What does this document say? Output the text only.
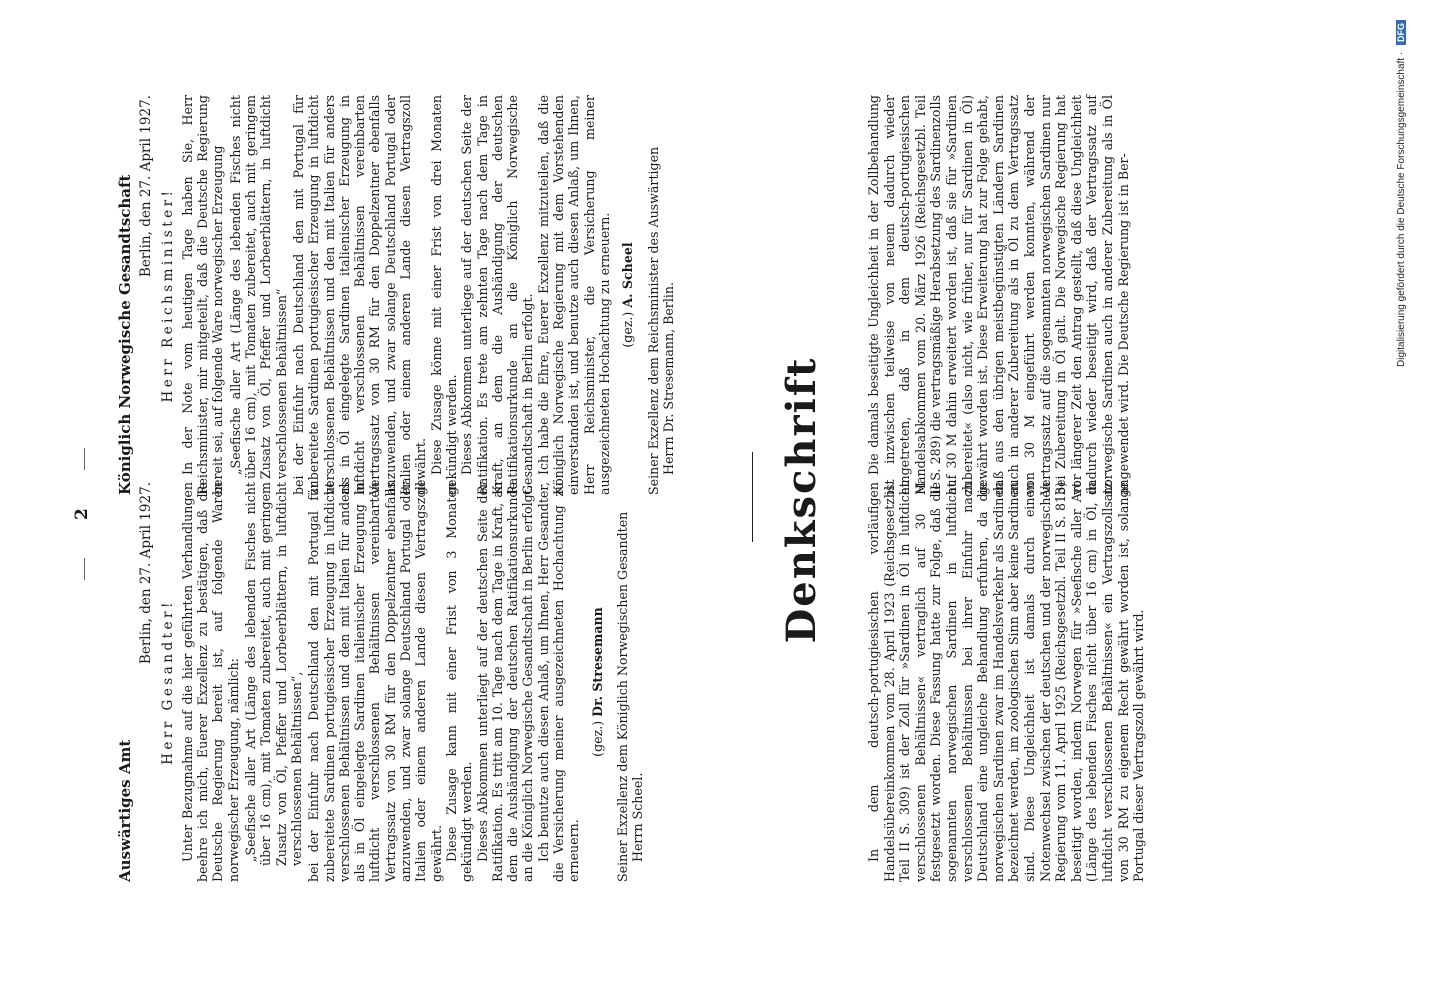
2

Auswärtiges Amt

Berlin, den 27. April 1927.

Herr Gesandter! Unter Bezugnahme auf die hier geführten Verhandlungen beehre ich mich, Euerer Exzellenz zu bestätigen, daß die Deutsche Regierung bereit ist, auf folgende Waren norwegischer Erzeugung, nämlich: „Seefische aller Art (Länge des lebenden Fisches nicht über 16 cm), mit Tomaten zubereitet, auch mit geringem Zusatz von Öl, Pfeffer und Lorbeerblättern, in luftdicht verschlossenen Behältnissen“, bei der Einfuhr nach Deutschland den mit Portugal für zubereitete Sardinen portugiesischer Erzeugung in luftdicht verschlossenen Behältnissen und den mit Italien für anders als in Öl eingelegte Sardinen italienischer Erzeugung in luftdicht verschlossenen Behältnissen vereinbarten Vertragssatz von 30 RM für den Doppelzentner ebenfalls anzuwenden, und zwar solange Deutschland Portugal oder Italien oder einem anderen Lande diesen Vertragszoll gewährt. Diese Zusage kann mit einer Frist von 3 Monaten gekündigt werden. Dieses Abkommen unterliegt auf der deutschen Seite der Ratifikation. Es tritt am 10. Tage nach dem Tage in Kraft, an dem die Aushändigung der deutschen Ratifikationsurkunde an die Königlich Norwegische Gesandtschaft in Berlin erfolgt. Ich benutze auch diesen Anlaß, um Ihnen, Herr Gesandter, die Versicherung meiner ausgezeichneten Hochachtung zu erneuern.

(gez.) Dr. Stresemann Seiner Exzellenz dem Königlich Norwegischen Gesandten Herrn Scheel.

Königlich Norwegische Gesandtschaft Berlin, den 27. April 1927.

Herr Reichsminister! In der Note vom heutigen Tage haben Sie, Herr Reichsminister, mir mitgeteilt, daß die Deutsche Regierung bereit sei, auf folgende Ware norwegischer Erzeugung „Seefische aller Art (Länge des lebenden Fisches nicht über 16 cm), mit Tomaten zubereitet, auch mit geringem Zusatz von Öl, Pfeffer und Lorbeerblättern, in luftdicht verschlossenen Behältnissen“ bei der Einfuhr nach Deutschland den mit Portugal für zubereitete Sardinen portugiesischer Erzeugung in luftdicht verschlossenen Behältnissen und den mit Italien für anders als in Öl eingelegte Sardinen italienischer Erzeugung in luftdicht verschlossenen Behältnissen vereinbarten Vertragssatz von 30 RM für den Doppelzentner ebenfalls anzuwenden, und zwar solange Deutschland Portugal oder Italien oder einem anderen Lande diesen Vertragszoll gewährt. Diese Zusage könne mit einer Frist von drei Monaten gekündigt werden. Dieses Abkommen unterliege auf der deutschen Seite der Ratifikation. Es trete am zehnten Tage nach dem Tage in Kraft, an dem die Aushändigung der deutschen Ratifikationsurkunde an die Königlich Norwegische Gesandtschaft in Berlin erfolgt. Ich habe die Ehre, Euerer Exzellenz mitzuteilen, daß die Königlich Norwegische Regierung mit dem Vorstehenden einverstanden ist, und benutze auch diesen Anlaß, um Ihnen, Herr Reichsminister, die Versicherung meiner ausgezeichneten Hochachtung zu erneuern. (gez.) A. Scheel Seiner Exzellenz dem Reichsminister des Auswärtigen Herrn Dr. Stresemann, Berlin.	Denkschrift	In dem deutsch-portugiesischen vorläufigen Handelsübereinkommen vom 28. April 1923 (Reichsgesetzbl. Teil II S. 309) ist der Zoll für »Sardinen in Öl in luftdicht verschlossenen Behältnissen« vertraglich auf 30 M festgesetzt worden. Diese Fassung hatte zur Folge, daß die sogenannten norwegischen Sardinen in luftdicht verschlossenen Behältnissen bei ihrer Einfuhr nach Deutschland eine ungleiche Behandlung erfuhren, da die norwegischen Sardinen zwar im Handelsverkehr als Sardinen bezeichnet werden, im zoologischen Sinn aber keine Sardinen sind. Diese Ungleichheit ist damals durch einen Notenwechsel zwischen der deutschen und der norwegischen Regierung vom 11. April 1925 (Reichsgesetzbl. Teil II S. 813) beseitigt worden, indem Norwegen für »Seefische aller Art (Länge des lebenden Fisches nicht über 16 cm) in Öl, in luftdicht verschlossenen Behältnissen« ein Vertragszollsatz von 30 RM zu eigenem Recht gewährt worden ist, solange Portugal dieser Vertragszoll gewährt wird.

Die damals beseitigte Ungleichheit in der Zollbehandlung ist inzwischen teilweise von neuem dadurch wieder eingetreten, daß in dem deutsch-portugiesischen Handelsabkommen vom 20. März 1926 (Reichsgesetzbl. Teil II S. 289) die vertragsmäßige Herabsetzung des Sardinenzolls auf 30 M dahin erweitert worden ist, daß sie für »Sardinen zubereitet« (also nicht, wie früher, nur für Sardinen in Öl) gewährt worden ist. Diese Erweiterung hat zur Folge gehabt, daß aus den übrigen meistbegünstigten Ländern Sardinen auch in anderer Zubereitung als in Öl zu dem Vertragssatz von 30 M eingeführt werden konnten, während der Vertragssatz auf die sogenannten norwegischen Sardinen nur bei Zubereitung in Öl galt. Die Norwegische Regierung hat vor längerer Zeit den Antrag gestellt, daß diese Ungleichheit dadurch wieder beseitigt wird, daß der Vertragssatz auf norwegische Sardinen auch in anderer Zubereitung als in Öl angewendet wird. Die Deutsche Regierung ist in Ber-	Digitalisierung gefördert durch die Deutsche Forschungsgemeinschaft · DFG
